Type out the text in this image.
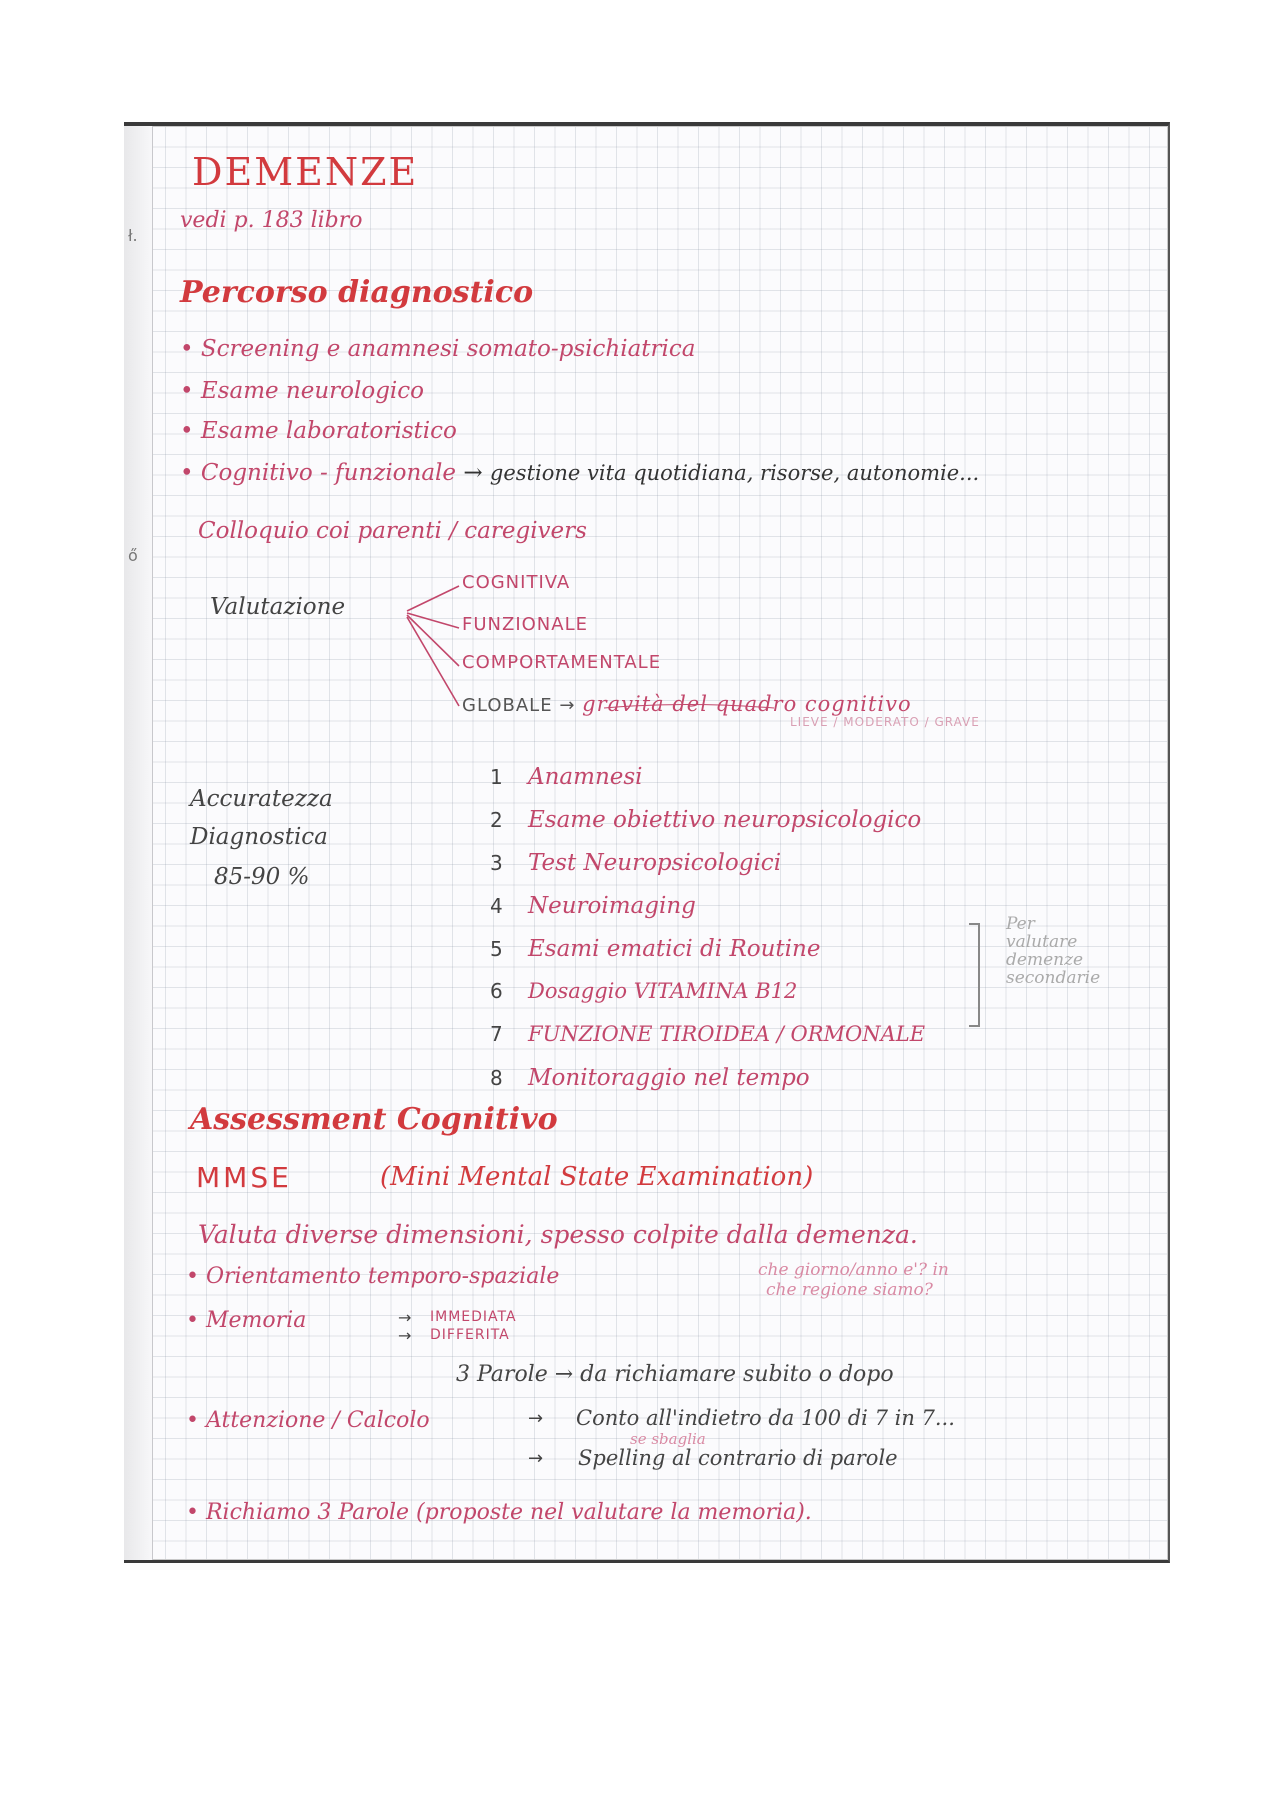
ł.
ő
DEMENZE
vedi p. 183 libro
Percorso diagnostico
• Screening e anamnesi somato-psichiatrica
• Esame neurologico
• Esame laboratoristico
• Cognitivo - funzionale → gestione vita quotidiana, risorse, autonomie...
Colloquio coi parenti / caregivers
Valutazione
COGNITIVA
FUNZIONALE
COMPORTAMENTALE
GLOBALE → gravità del quadro cognitivo
LIEVE / MODERATO / GRAVE
Accuratezza
Diagnostica
85-90 %
1 Anamnesi
2 Esame obiettivo neuropsicologico
3 Test Neuropsicologici
4 Neuroimaging
5 Esami ematici di Routine
6 Dosaggio VITAMINA B12
7 FUNZIONE TIROIDEA / ORMONALE
8 Monitoraggio nel tempo
Per
valutare
demenze
secondarie
Assessment Cognitivo
MMSE	(Mini Mental State Examination)
Valuta diverse dimensioni, spesso colpite dalla demenza.
• Orientamento temporo-spaziale	che giorno/anno e'? in
che regione siamo?
• Memoria	→
→
IMMEDIATA
DIFFERITA
3 Parole → da richiamare subito o dopo
• Attenzione / Calcolo	→ Conto all'indietro da 100 di 7 in 7...
se sbaglia
→ Spelling al contrario di parole
• Richiamo 3 Parole (proposte nel valutare la memoria).
